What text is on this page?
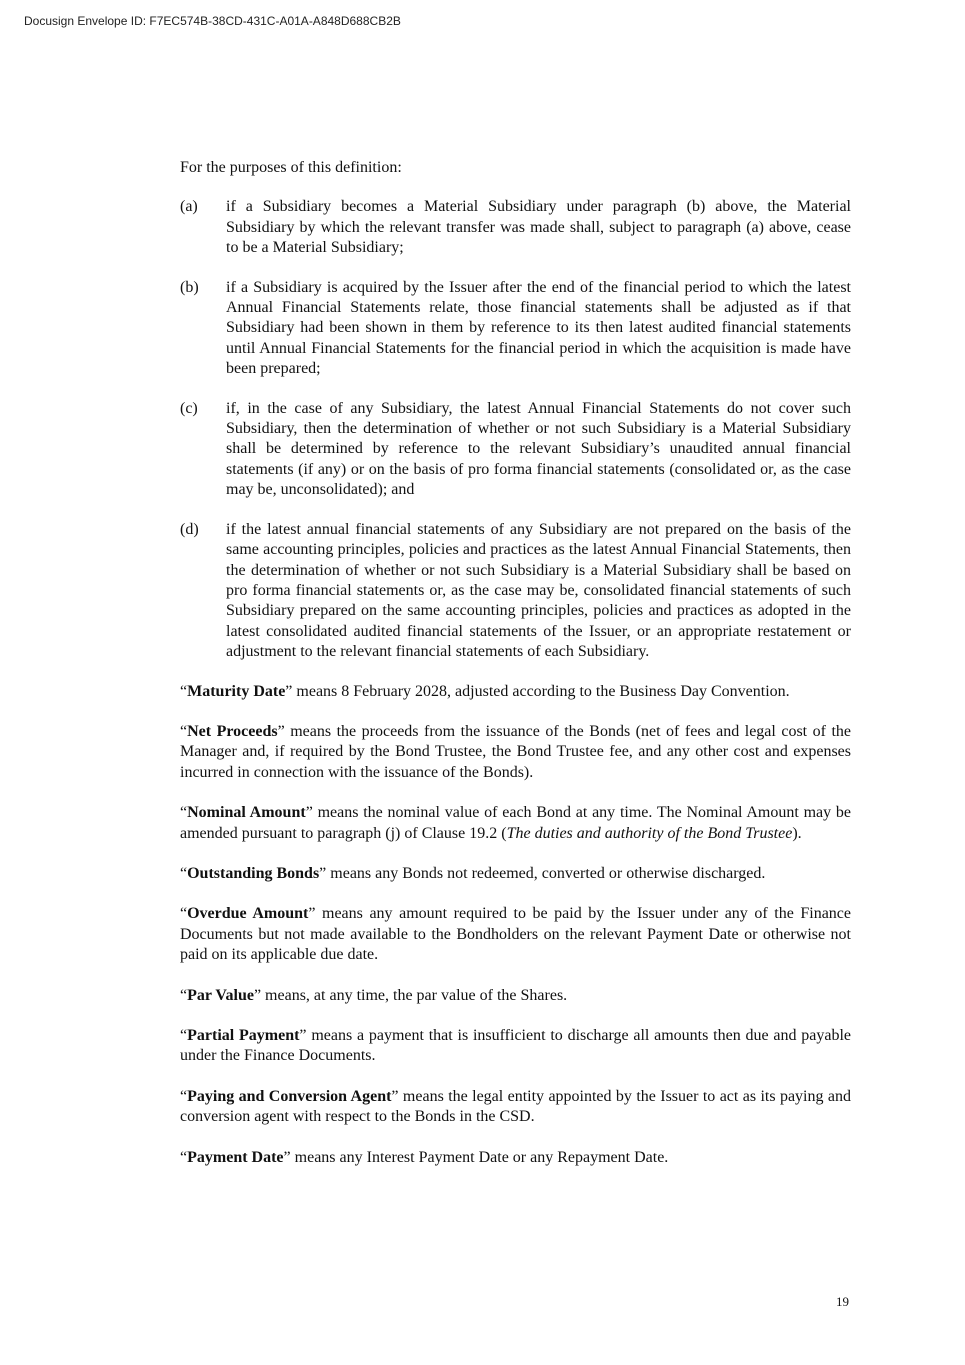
Docusign Envelope ID: F7EC574B-38CD-431C-A01A-A848D688CB2B

For the purposes of this definition:

(a)	if a Subsidiary becomes a Material Subsidiary under paragraph (b) above, the Material Subsidiary by which the relevant transfer was made shall, subject to paragraph (a) above, cease to be a Material Subsidiary;
(b)	if a Subsidiary is acquired by the Issuer after the end of the financial period to which the latest Annual Financial Statements relate, those financial statements shall be adjusted as if that Subsidiary had been shown in them by reference to its then latest audited financial statements until Annual Financial Statements for the financial period in which the acquisition is made have been prepared;
(c)	if, in the case of any Subsidiary, the latest Annual Financial Statements do not cover such Subsidiary, then the determination of whether or not such Subsidiary is a Material Subsidiary shall be determined by reference to the relevant Subsidiary’s unaudited annual financial statements (if any) or on the basis of pro forma financial statements (consolidated or, as the case may be, unconsolidated); and
(d)	if the latest annual financial statements of any Subsidiary are not prepared on the basis of the same accounting principles, policies and practices as the latest Annual Financial Statements, then the determination of whether or not such Subsidiary is a Material Subsidiary shall be based on pro forma financial statements or, as the case may be, consolidated financial statements of such Subsidiary prepared on the same accounting principles, policies and practices as adopted in the latest consolidated audited financial statements of the Issuer, or an appropriate restatement or adjustment to the relevant financial statements of each Subsidiary.

“Maturity Date” means 8 February 2028, adjusted according to the Business Day Convention.

“Net Proceeds” means the proceeds from the issuance of the Bonds (net of fees and legal cost of the Manager and, if required by the Bond Trustee, the Bond Trustee fee, and any other cost and expenses incurred in connection with the issuance of the Bonds).

“Nominal Amount” means the nominal value of each Bond at any time. The Nominal Amount may be amended pursuant to paragraph (j) of Clause 19.2 (The duties and authority of the Bond Trustee).

“Outstanding Bonds” means any Bonds not redeemed, converted or otherwise discharged.

“Overdue Amount” means any amount required to be paid by the Issuer under any of the Finance Documents but not made available to the Bondholders on the relevant Payment Date or otherwise not paid on its applicable due date.

“Par Value” means, at any time, the par value of the Shares.

“Partial Payment” means a payment that is insufficient to discharge all amounts then due and payable under the Finance Documents.

“Paying and Conversion Agent” means the legal entity appointed by the Issuer to act as its paying and conversion agent with respect to the Bonds in the CSD.

“Payment Date” means any Interest Payment Date or any Repayment Date.

19
